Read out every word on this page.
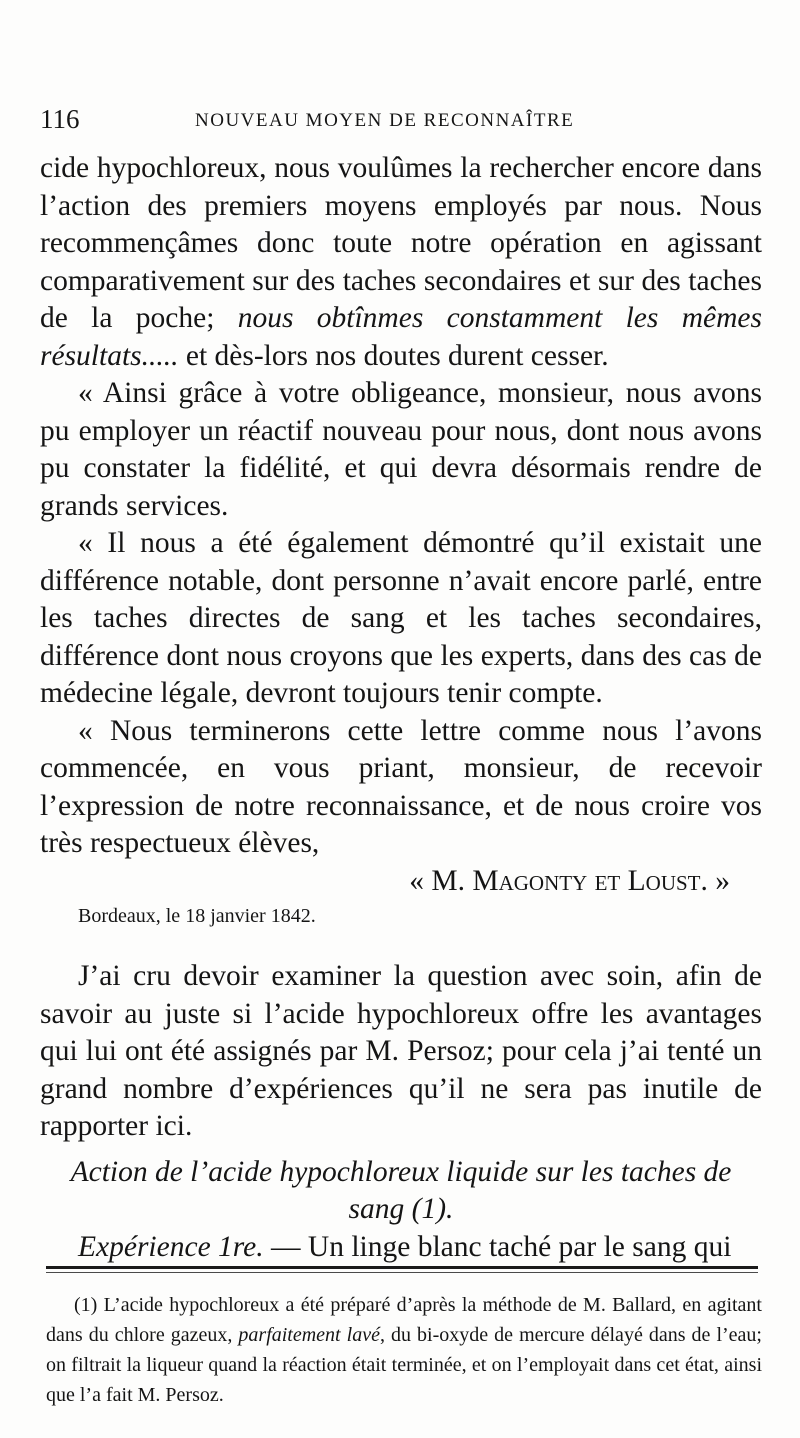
116	NOUVEAU MOYEN DE RECONNAÎTRE

cide hypochloreux, nous voulûmes la rechercher encore dans l’action des premiers moyens employés par nous. Nous recommençâmes donc toute notre opération en agissant comparativement sur des taches secondaires et sur des taches de la poche; nous obtînmes constamment les mêmes résultats..... et dès-lors nos doutes durent cesser.

« Ainsi grâce à votre obligeance, monsieur, nous avons pu employer un réactif nouveau pour nous, dont nous avons pu constater la fidélité, et qui devra désormais rendre de grands services.

« Il nous a été également démontré qu’il existait une différence notable, dont personne n’avait encore parlé, entre les taches directes de sang et les taches secondaires, différence dont nous croyons que les experts, dans des cas de médecine légale, devront toujours tenir compte.

« Nous terminerons cette lettre comme nous l’avons commencée, en vous priant, monsieur, de recevoir l’expression de notre reconnaissance, et de nous croire vos très respectueux élèves,

« M. Magonty et Loust. »

Bordeaux, le 18 janvier 1842.

J’ai cru devoir examiner la question avec soin, afin de savoir au juste si l’acide hypochloreux offre les avantages qui lui ont été assignés par M. Persoz; pour cela j’ai tenté un grand nombre d’expériences qu’il ne sera pas inutile de rapporter ici.

Action de l’acide hypochloreux liquide sur les taches de sang (1).

Expérience 1re. — Un linge blanc taché par le sang qui

(1) L’acide hypochloreux a été préparé d’après la méthode de M. Ballard, en agitant dans du chlore gazeux, parfaitement lavé, du bi-oxyde de mercure délayé dans de l’eau; on filtrait la liqueur quand la réaction était terminée, et on l’employait dans cet état, ainsi que l’a fait M. Persoz.
